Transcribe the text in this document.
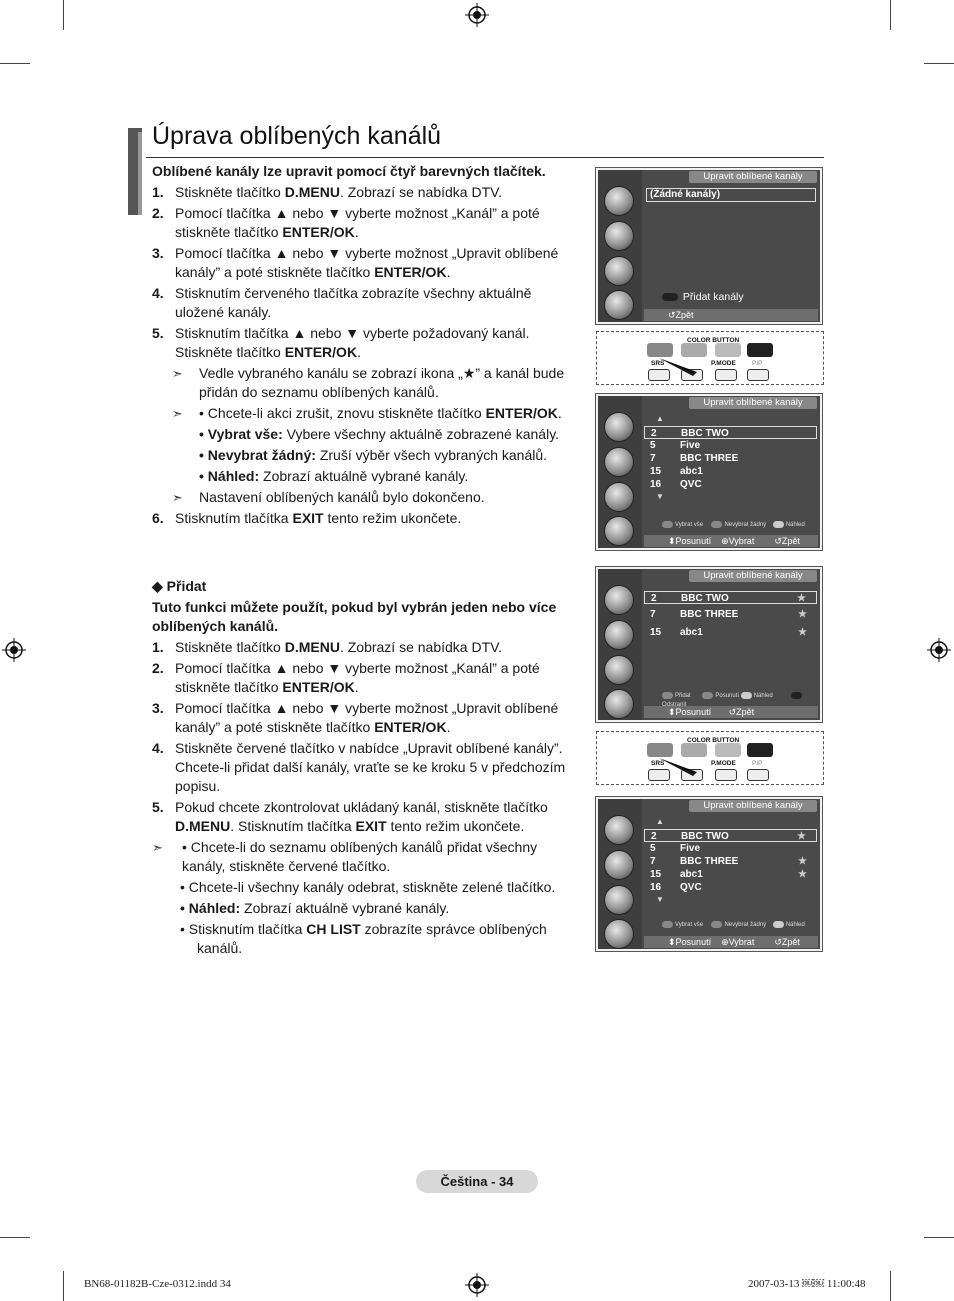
Úprava oblíbených kanálů
Oblíbené kanály lze upravit pomocí čtyř barevných tlačítek.
1. Stiskněte tlačítko D.MENU. Zobrazí se nabídka DTV.
2. Pomocí tlačítka ▲ nebo ▼ vyberte možnost „Kanál” a poté stiskněte tlačítko ENTER/OK.
3. Pomocí tlačítka ▲ nebo ▼ vyberte možnost „Upravit oblíbené kanály” a poté stiskněte tlačítko ENTER/OK.
4. Stisknutím červeného tlačítka zobrazíte všechny aktuálně uložené kanály.
5. Stisknutím tlačítka ▲ nebo ▼ vyberte požadovaný kanál. Stiskněte tlačítko ENTER/OK.
➣	Vedle vybraného kanálu se zobrazí ikona „★” a kanál bude přidán do seznamu oblíbených kanálů.
➣	• Chcete-li akci zrušit, znovu stiskněte tlačítko ENTER/OK.
• Vybrat vše: Vybere všechny aktuálně zobrazené kanály.
• Nevybrat žádný: Zruší výběr všech vybraných kanálů.
• Náhled: Zobrazí aktuálně vybrané kanály.
➣	Nastavení oblíbených kanálů bylo dokončeno.
6. Stisknutím tlačítka EXIT tento režim ukončete.
◆ Přidat
Tuto funkci můžete použít, pokud byl vybrán jeden nebo více oblíbených kanálů.
1. Stiskněte tlačítko D.MENU. Zobrazí se nabídka DTV.
2. Pomocí tlačítka ▲ nebo ▼ vyberte možnost „Kanál” a poté stiskněte tlačítko ENTER/OK.
3. Pomocí tlačítka ▲ nebo ▼ vyberte možnost „Upravit oblíbené kanály” a poté stiskněte tlačítko ENTER/OK.
4. Stiskněte červené tlačítko v nabídce „Upravit oblíbené kanály”. Chcete-li přidat další kanály, vraťte se ke kroku 5 v předchozím popisu.
5. Pokud chcete zkontrolovat ukládaný kanál, stiskněte tlačítko D.MENU. Stisknutím tlačítka EXIT tento režim ukončete.
➣	• Chcete-li do seznamu oblíbených kanálů přidat všechny kanály, stiskněte červené tlačítko.
• Chcete-li všechny kanály odebrat, stiskněte zelené tlačítko.
• Náhled: Zobrazí aktuálně vybrané kanály.
• Stisknutím tlačítka CH LIST zobrazíte správce oblíbených
kanálů.
Upravit oblíbené kanály
(Žádné kanály)
Přidat kanály
↺Zpět
COLOR BUTTON
SRS	P.MODE PIP
Upravit oblíbené kanály
▲
2 BBC TWO
5 Five
7 BBC THREE
15 abc1
16 QVC
▼
Vybrat vše	Nevybrat žádný	Náhled
⬍Posunutí ⊕Vybrat ↺Zpět
Upravit oblíbené kanály
2 BBC TWO	★
7 BBC THREE	★
15 abc1	★
Přidat	Posunutí Náhled
⬍Posunutí ↺Zpět
COLOR BUTTON
SRS	P.MODE PIP
Upravit oblíbené kanály
▲
2 BBC TWO	★
5 Five
7 BBC THREE	★
15 abc1	★
16 QVC
▼
Vybrat vše	Nevybrat žádný	Náhled
⬍Posunutí ⊕Vybrat ↺Zpět
Čeština - 34
BN68-01182B-Cze-0312.indd 34	2007-03-13 ￼￼ 11:00:48
